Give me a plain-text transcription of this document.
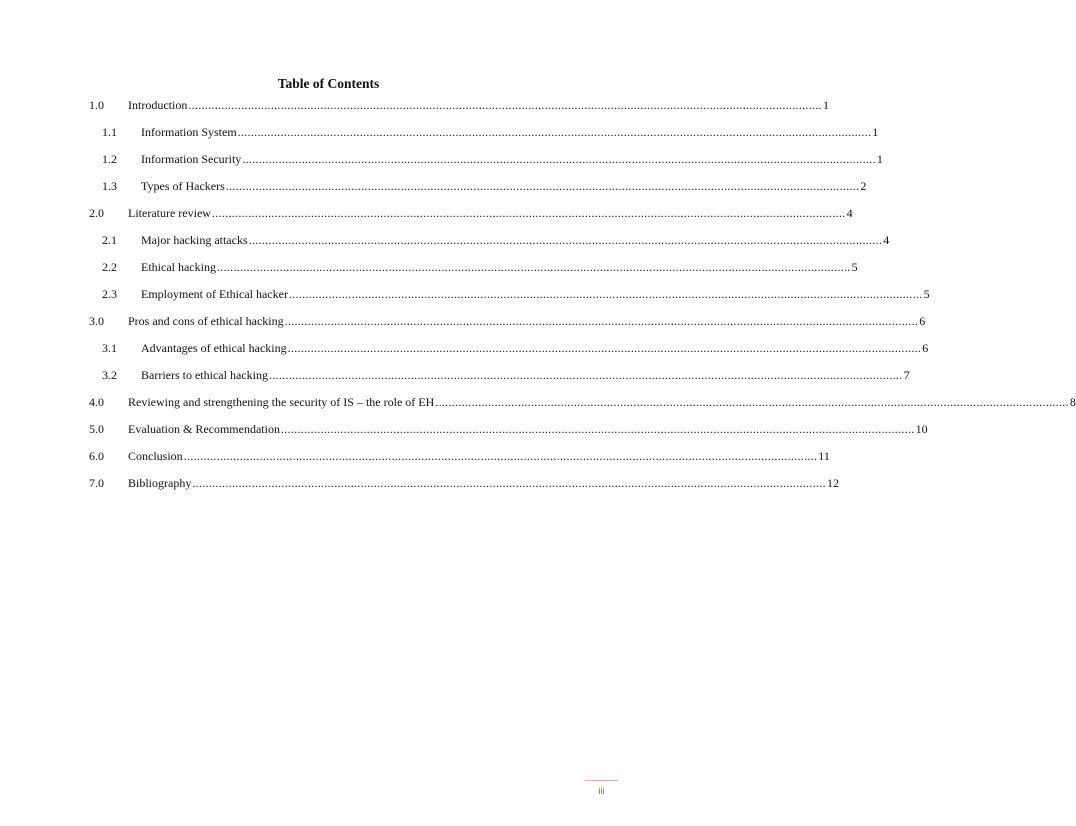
Table of Contents
1.0 Introduction ................................................................................................................................................................................................ 1
1.1 Information System ................................................................................................................................................................................................ 1
1.2 Information Security ................................................................................................................................................................................................ 1
1.3 Types of Hackers ................................................................................................................................................................................................ 2
2.0 Literature review ................................................................................................................................................................................................ 4
2.1 Major hacking attacks ................................................................................................................................................................................................ 4
2.2 Ethical hacking ................................................................................................................................................................................................ 5
2.3 Employment of Ethical hacker ................................................................................................................................................................................................ 5
3.0 Pros and cons of ethical hacking ................................................................................................................................................................................................ 6
3.1 Advantages of ethical hacking ................................................................................................................................................................................................ 6
3.2 Barriers to ethical hacking ................................................................................................................................................................................................ 7
4.0 Reviewing and strengthening the security of IS – the role of EH ................................................................................................................................................................................................ 8
5.0 Evaluation & Recommendation ................................................................................................................................................................................................ 10
6.0 Conclusion ................................................................................................................................................................................................ 11
7.0 Bibliography ................................................................................................................................................................................................ 12
iii
